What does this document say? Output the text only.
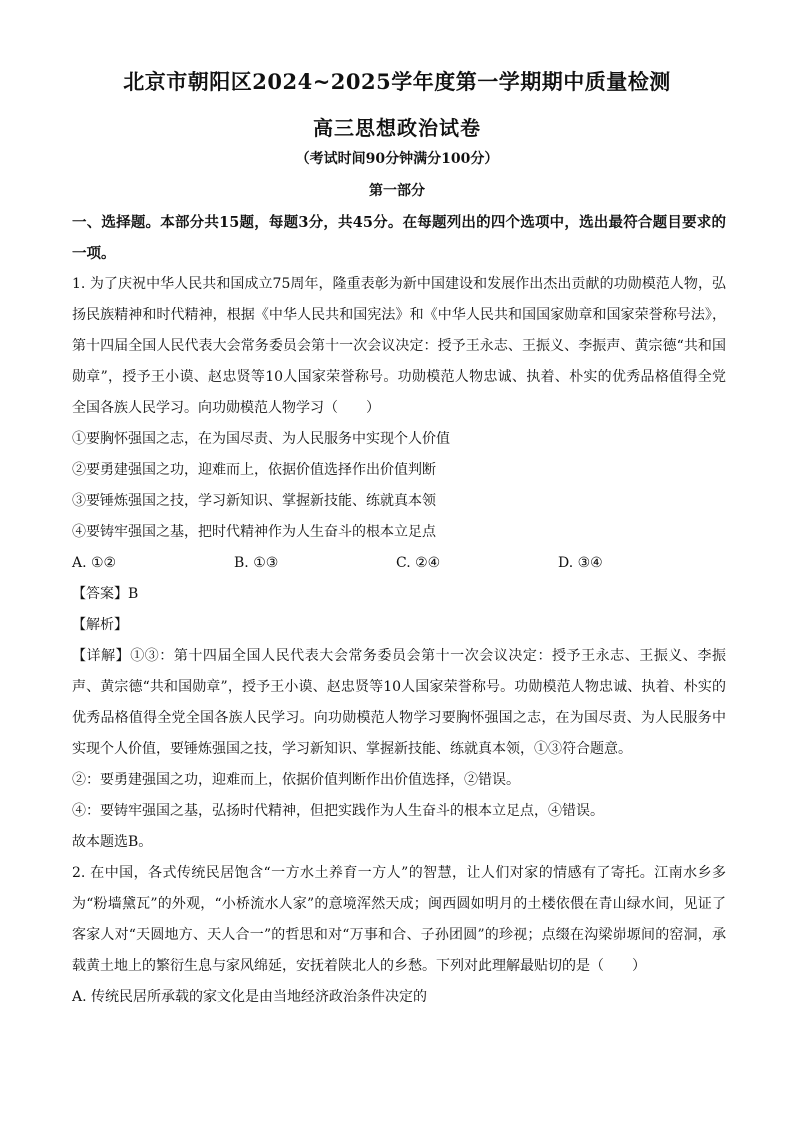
北京市朝阳区2024~2025学年度第一学期期中质量检测
高三思想政治试卷
（考试时间90分钟满分100分）
第一部分

一、选择题。本部分共15题，每题3分，共45分。在每题列出的四个选项中，选出最符合题目要求的一项。

1. 为了庆祝中华人民共和国成立75周年，隆重表彰为新中国建设和发展作出杰出贡献的功勋模范人物，弘扬民族精神和时代精神，根据《中华人民共和国宪法》和《中华人民共和国国家勋章和国家荣誉称号法》，第十四届全国人民代表大会常务委员会第十一次会议决定：授予王永志、王振义、李振声、黄宗德“共和国勋章”，授予王小谟、赵忠贤等10人国家荣誉称号。功勋模范人物忠诚、执着、朴实的优秀品格值得全党全国各族人民学习。向功勋模范人物学习（　　）

①要胸怀强国之志，在为国尽责、为人民服务中实现个人价值

②要勇建强国之功，迎难而上，依据价值选择作出价值判断

③要锤炼强国之技，学习新知识、掌握新技能、练就真本领

④要铸牢强国之基，把时代精神作为人生奋斗的根本立足点

A. ①②	B. ①③	C. ②④	D. ③④

【答案】B

【解析】

【详解】①③：第十四届全国人民代表大会常务委员会第十一次会议决定：授予王永志、王振义、李振声、黄宗德“共和国勋章”，授予王小谟、赵忠贤等10人国家荣誉称号。功勋模范人物忠诚、执着、朴实的优秀品格值得全党全国各族人民学习。向功勋模范人物学习要胸怀强国之志，在为国尽责、为人民服务中实现个人价值，要锤炼强国之技，学习新知识、掌握新技能、练就真本领，①③符合题意。

②：要勇建强国之功，迎难而上，依据价值判断作出价值选择，②错误。

④：要铸牢强国之基，弘扬时代精神，但把实践作为人生奋斗的根本立足点，④错误。

故本题选B。

2. 在中国，各式传统民居饱含“一方水土养育一方人”的智慧，让人们对家的情感有了寄托。江南水乡多为“粉墙黛瓦”的外观，“小桥流水人家”的意境浑然天成；闽西圆如明月的土楼依偎在青山绿水间，见证了客家人对“天圆地方、天人合一”的哲思和对“万事和合、子孙团圆”的珍视；点缀在沟梁峁塬间的窑洞，承载黄土地上的繁衍生息与家风绵延，安抚着陕北人的乡愁。下列对此理解最贴切的是（　　）

A. 传统民居所承载的家文化是由当地经济政治条件决定的
